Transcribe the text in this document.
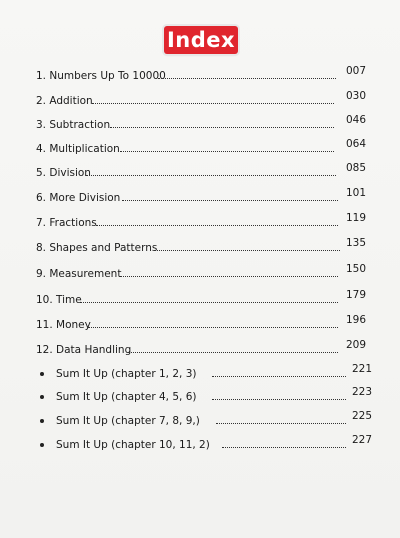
Index
1. Numbers Up To 10000	007
2. Addition	030
3. Subtraction	046
4. Multiplication	064
5. Division	085
6. More Division	101
7. Fractions	119
8. Shapes and Patterns	135
9. Measurement	150
10. Time	179
11. Money	196
12. Data Handling	209
Sum It Up (chapter 1, 2, 3)	221
Sum It Up (chapter 4, 5, 6)	223
Sum It Up (chapter 7, 8, 9,)	225
Sum It Up (chapter 10, 11, 2)	227
